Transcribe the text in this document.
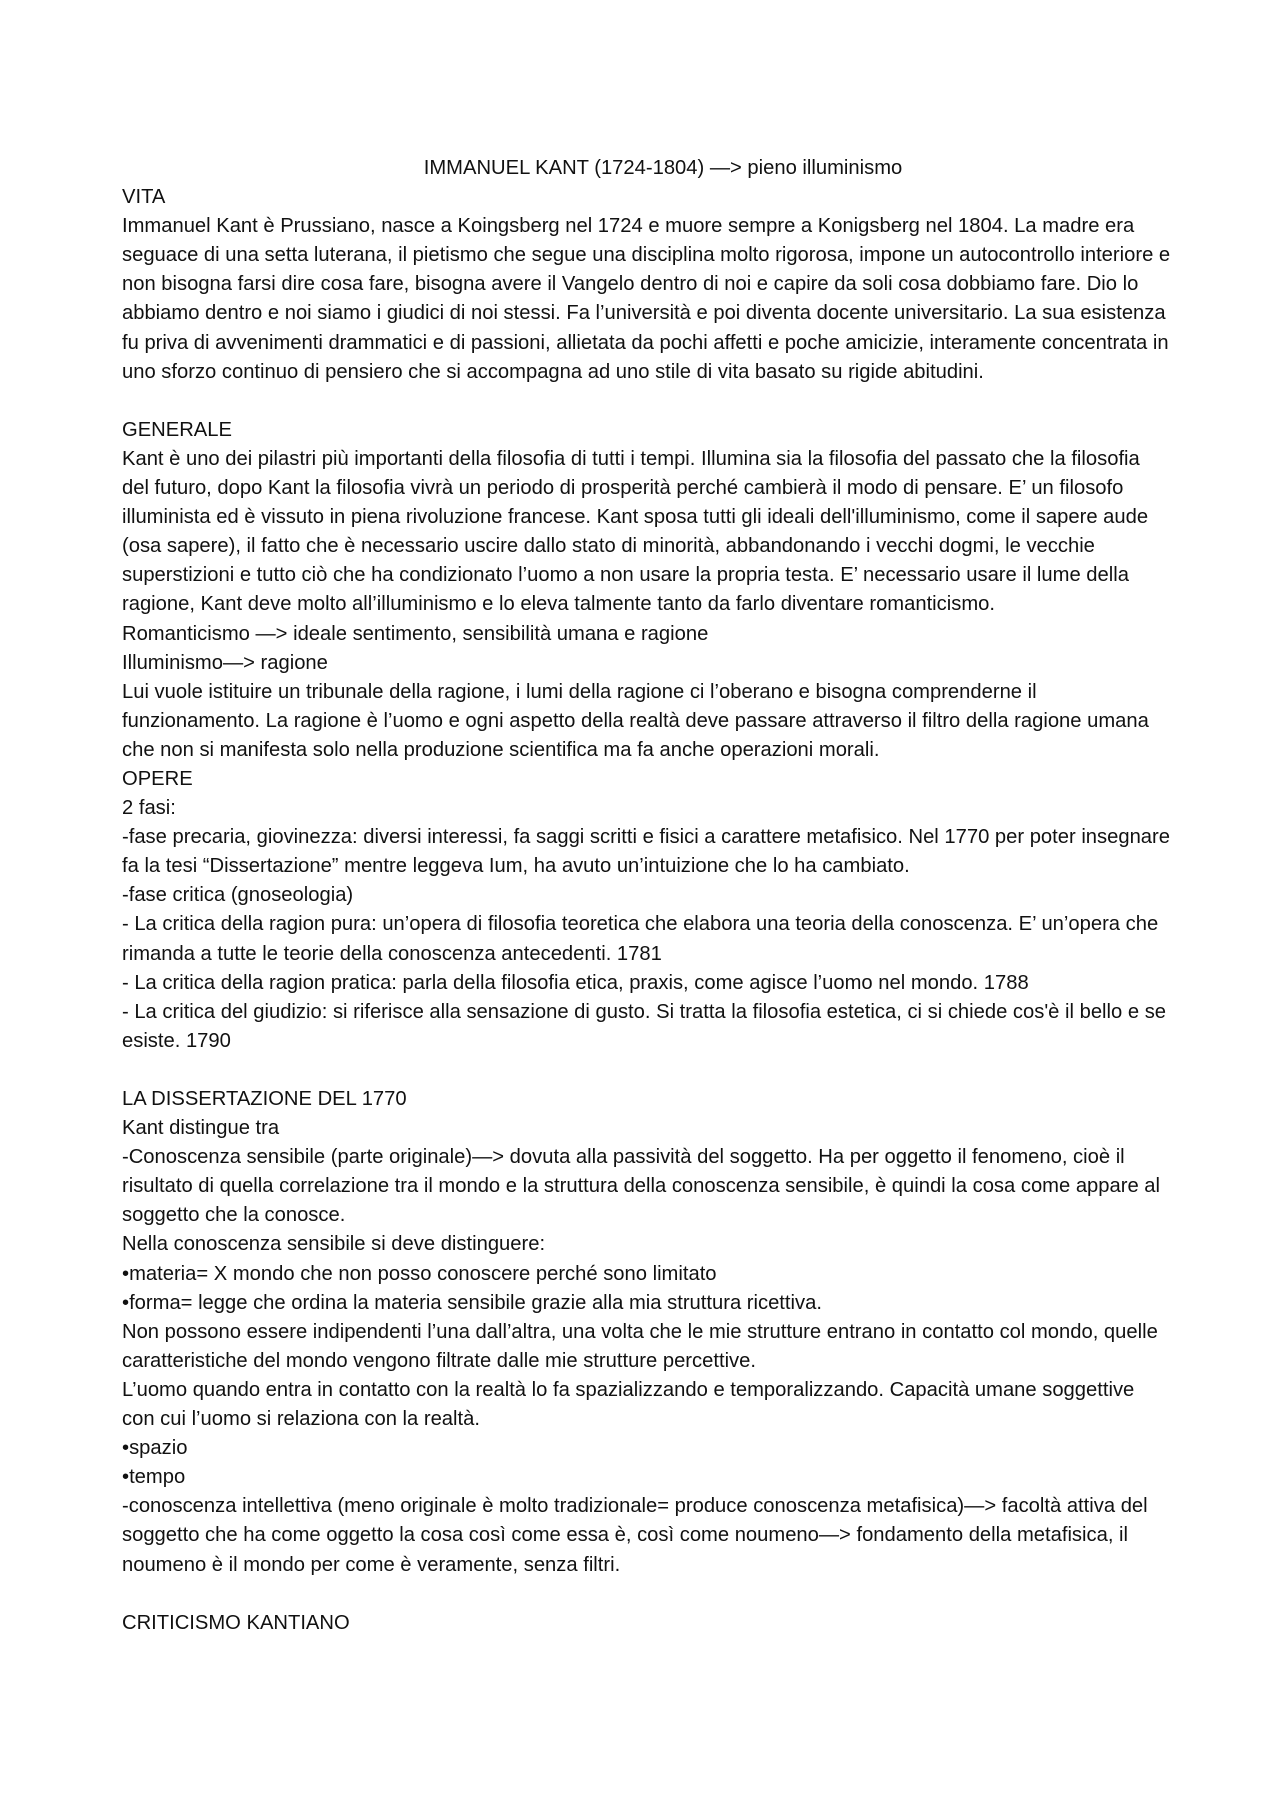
IMMANUEL KANT (1724-1804) —> pieno illuminismo

VITA

Immanuel Kant è Prussiano, nasce a Koingsberg nel 1724 e muore sempre a Konigsberg nel 1804. La madre era seguace di una setta luterana, il pietismo che segue una disciplina molto rigorosa, impone un autocontrollo interiore e non bisogna farsi dire cosa fare, bisogna avere il Vangelo dentro di noi e capire da soli cosa dobbiamo fare. Dio lo abbiamo dentro e noi siamo i giudici di noi stessi. Fa l’università e poi diventa docente universitario. La sua esistenza fu priva di avvenimenti drammatici e di passioni, allietata da pochi affetti e poche amicizie, interamente concentrata in uno sforzo continuo di pensiero che si accompagna ad uno stile di vita basato su rigide abitudini.

GENERALE

Kant è uno dei pilastri più importanti della filosofia di tutti i tempi. Illumina sia la filosofia del passato che la filosofia del futuro, dopo Kant la filosofia vivrà un periodo di prosperità perché cambierà il modo di pensare. E’ un filosofo illuminista ed è vissuto in piena rivoluzione francese. Kant sposa tutti gli ideali dell'illuminismo, come il sapere aude (osa sapere), il fatto che è necessario uscire dallo stato di minorità, abbandonando i vecchi dogmi, le vecchie superstizioni e tutto ciò che ha condizionato l’uomo a non usare la propria testa. E’ necessario usare il lume della ragione, Kant deve molto all’illuminismo e lo eleva talmente tanto da farlo diventare romanticismo.

Romanticismo —> ideale sentimento, sensibilità umana e ragione

Illuminismo—> ragione

Lui vuole istituire un tribunale della ragione, i lumi della ragione ci l’oberano e bisogna comprenderne il funzionamento. La ragione è l’uomo e ogni aspetto della realtà deve passare attraverso il filtro della ragione umana che non si manifesta solo nella produzione scientifica ma fa anche operazioni morali.

OPERE

2 fasi:

-fase precaria, giovinezza: diversi interessi, fa saggi scritti e fisici a carattere metafisico. Nel 1770 per poter insegnare fa la tesi “Dissertazione” mentre leggeva Ium, ha avuto un’intuizione che lo ha cambiato.

-fase critica (gnoseologia)

- La critica della ragion pura: un’opera di filosofia teoretica che elabora una teoria della conoscenza. E’ un’opera che rimanda a tutte le teorie della conoscenza antecedenti. 1781

- La critica della ragion pratica: parla della filosofia etica, praxis, come agisce l’uomo nel mondo. 1788

- La critica del giudizio: si riferisce alla sensazione di gusto. Si tratta la filosofia estetica, ci si chiede cos'è il bello e se esiste. 1790

LA DISSERTAZIONE DEL 1770

Kant distingue tra

-Conoscenza sensibile (parte originale)—> dovuta alla passività del soggetto. Ha per oggetto il fenomeno, cioè il risultato di quella correlazione tra il mondo e la struttura della conoscenza sensibile, è quindi la cosa come appare al soggetto che la conosce.

Nella conoscenza sensibile si deve distinguere:

•materia= X mondo che non posso conoscere perché sono limitato

•forma= legge che ordina la materia sensibile grazie alla mia struttura ricettiva.

Non possono essere indipendenti l’una dall’altra, una volta che le mie strutture entrano in contatto col mondo, quelle caratteristiche del mondo vengono filtrate dalle mie strutture percettive.

L’uomo quando entra in contatto con la realtà lo fa spazializzando e temporalizzando. Capacità umane soggettive con cui l’uomo si relaziona con la realtà.

•spazio

•tempo

-conoscenza intellettiva (meno originale è molto tradizionale= produce conoscenza metafisica)—> facoltà attiva del soggetto che ha come oggetto la cosa così come essa è, così come noumeno—> fondamento della metafisica, il noumeno è il mondo per come è veramente, senza filtri.

CRITICISMO KANTIANO
